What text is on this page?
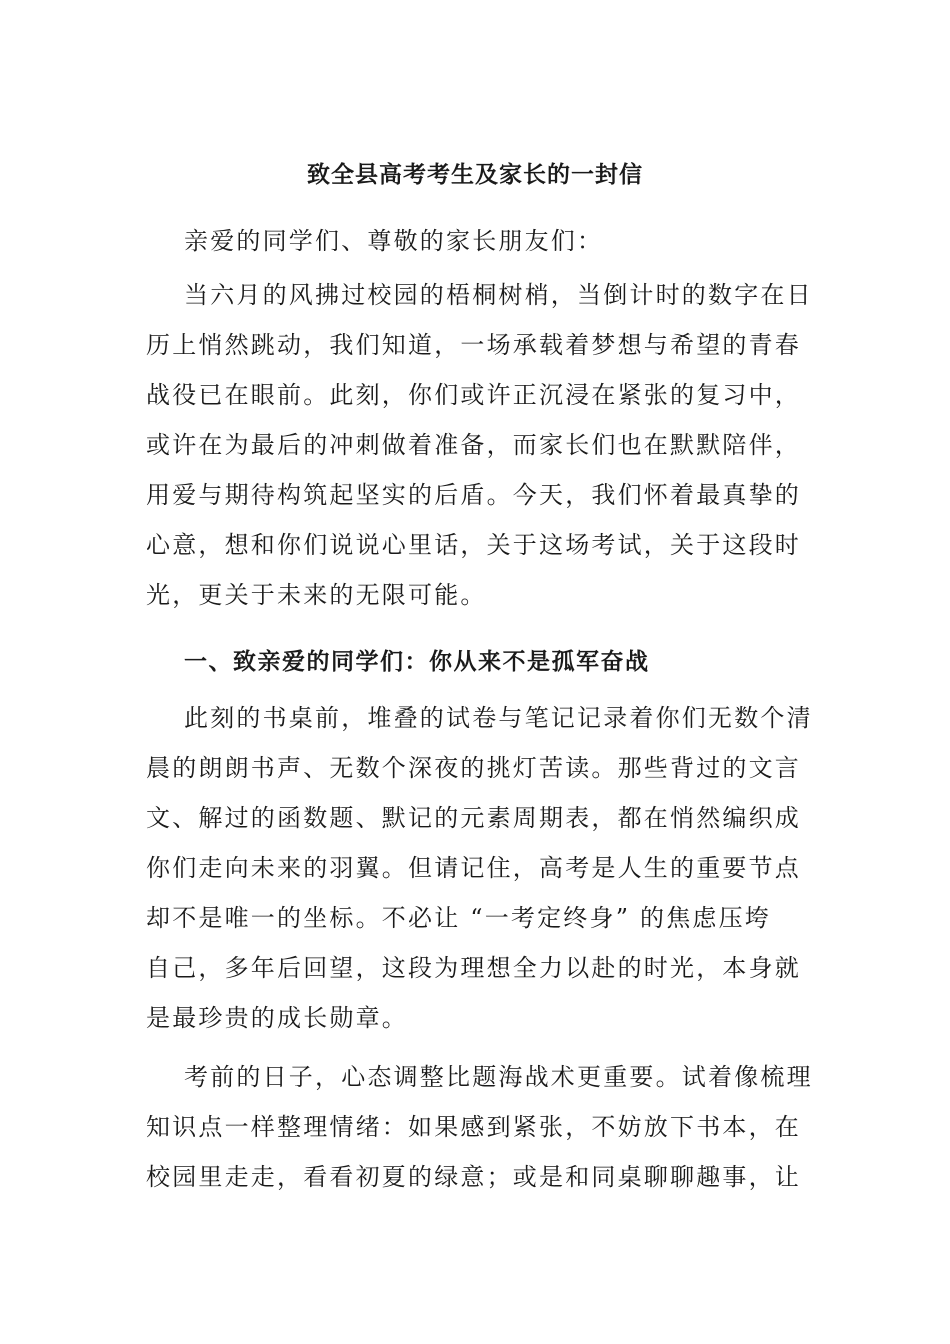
致全县高考考生及家长的一封信

亲爱的同学们、尊敬的家长朋友们：

当六月的风拂过校园的梧桐树梢，当倒计时的数字在日
历上悄然跳动，我们知道，一场承载着梦想与希望的青春
战役已在眼前。此刻，你们或许正沉浸在紧张的复习中，
或许在为最后的冲刺做着准备，而家长们也在默默陪伴，
用爱与期待构筑起坚实的后盾。今天，我们怀着最真挚的
心意，想和你们说说心里话，关于这场考试，关于这段时
光，更关于未来的无限可能。

一、致亲爱的同学们：你从来不是孤军奋战

此刻的书桌前，堆叠的试卷与笔记记录着你们无数个清
晨的朗朗书声、无数个深夜的挑灯苦读。那些背过的文言
文、解过的函数题、默记的元素周期表，都在悄然编织成
你们走向未来的羽翼。但请记住，高考是人生的重要节点
却不是唯一的坐标。不必让 “一考定终身” 的焦虑压垮
自己，多年后回望，这段为理想全力以赴的时光，本身就
是最珍贵的成长勋章。

考前的日子，心态调整比题海战术更重要。试着像梳理
知识点一样整理情绪：如果感到紧张，不妨放下书本，在
校园里走走，看看初夏的绿意；或是和同桌聊聊趣事，让
